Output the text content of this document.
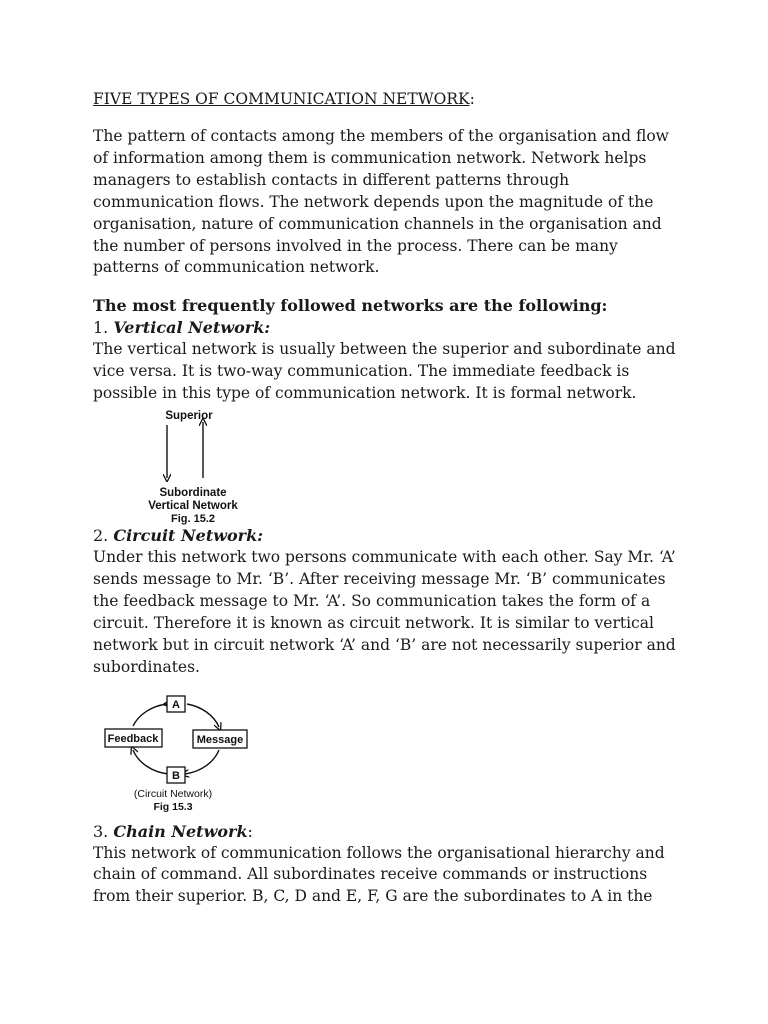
FIVE TYPES OF COMMUNICATION NETWORK:

The pattern of contacts among the members of the organisation and flow of information among them is communication network. Network helps managers to establish contacts in different patterns through communication flows. The network depends upon the magnitude of the organisation, nature of communication channels in the organisation and the number of persons involved in the process. There can be many patterns of communication network.

The most frequently followed networks are the following:

1. Vertical Network:

The vertical network is usually between the superior and subordinate and vice versa. It is two-way communication. The immediate feedback is possible in this type of communication network. It is formal network.

Superior
Subordinate
Vertical Network
Fig. 15.2

2. Circuit Network:

Under this network two persons communicate with each other. Say Mr. ‘A’ sends message to Mr. ‘B’. After receiving message Mr. ‘B’ communicates the feedback message to Mr. ‘A’. So communication takes the form of a circuit. Therefore it is known as circuit network. It is similar to vertical network but in circuit network ‘A’ and ‘B’ are not necessarily superior and subordinates.

A
Feedback	Message
B
(Circuit Network)
Fig 15.3

3. Chain Network:

This network of communication follows the organisational hierarchy and chain of command. All subordinates receive commands or instructions from their superior. B, C, D and E, F, G are the subordinates to A in the
